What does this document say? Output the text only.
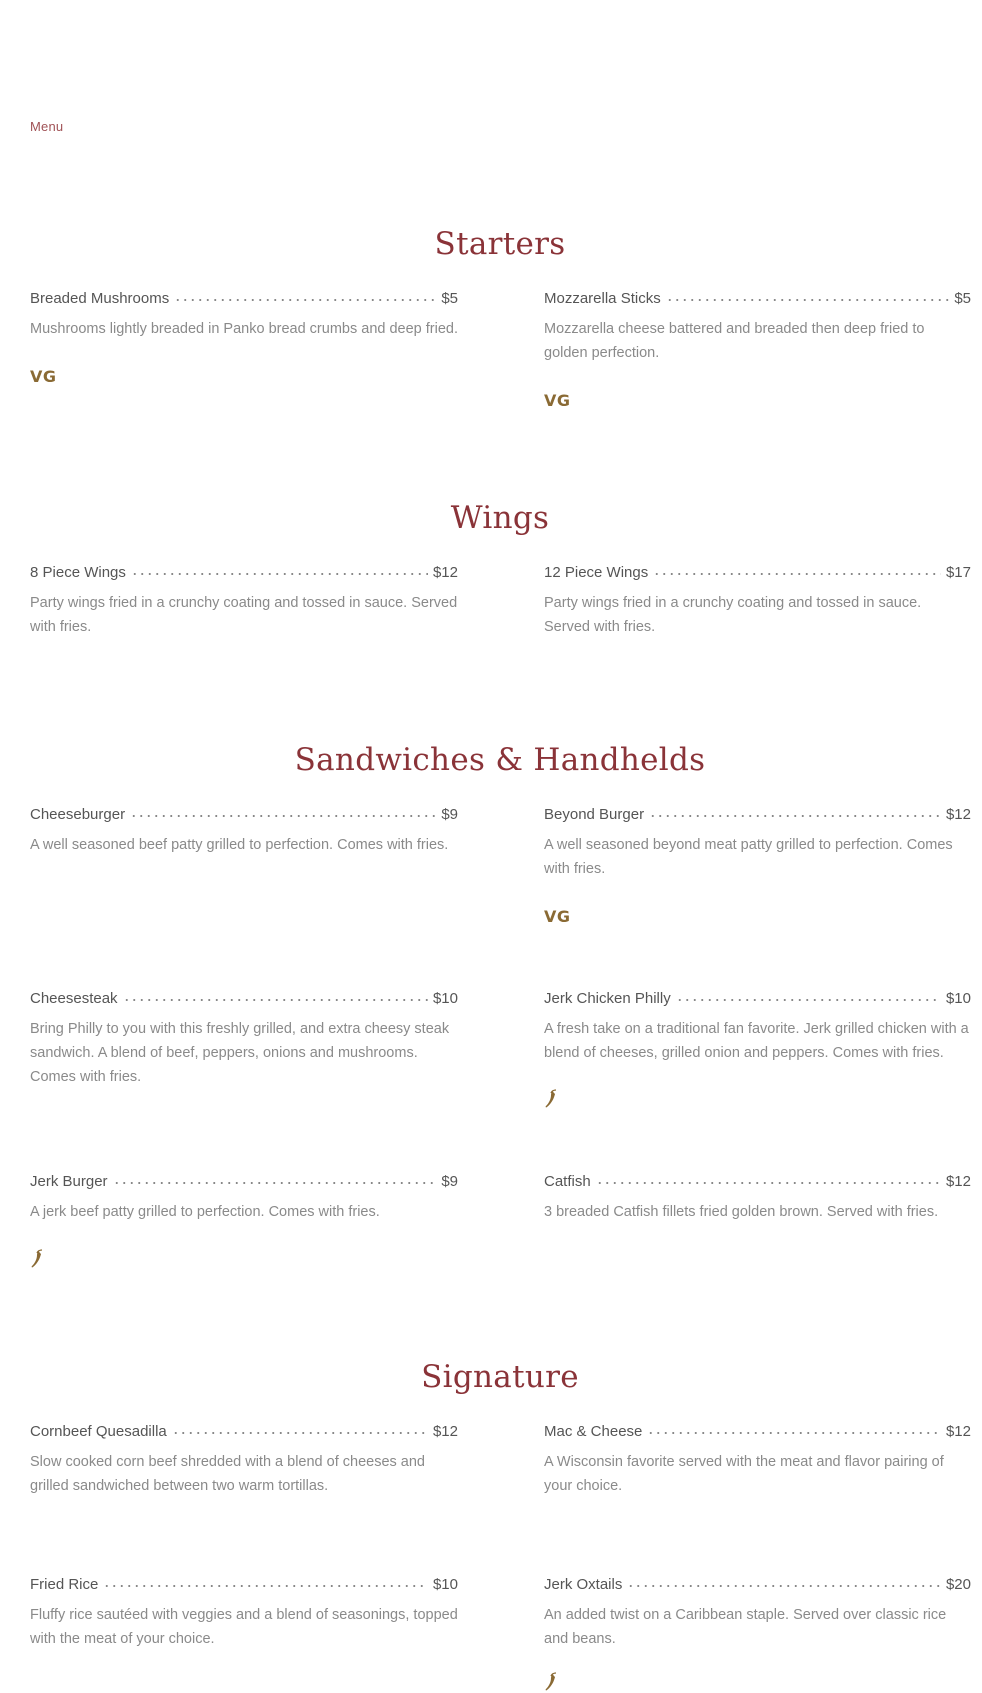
Menu
Starters
Breaded Mushrooms	$5
Mushrooms lightly breaded in Panko bread crumbs and deep fried.
VG
Mozzarella Sticks	$5
Mozzarella cheese battered and breaded then deep fried to golden perfection.
VG
Wings
8 Piece Wings	$12
Party wings fried in a crunchy coating and tossed in sauce. Served with fries.
12 Piece Wings	$17
Party wings fried in a crunchy coating and tossed in sauce. Served with fries.
Sandwiches & Handhelds
Cheeseburger	$9
A well seasoned beef patty grilled to perfection. Comes with fries.
Beyond Burger	$12
A well seasoned beyond meat patty grilled to perfection. Comes with fries.
VG
Cheesesteak	$10
Bring Philly to you with this freshly grilled, and extra cheesy steak sandwich. A blend of beef, peppers, onions and mushrooms. Comes with fries.
Jerk Chicken Philly	$10
A fresh take on a traditional fan favorite. Jerk grilled chicken with a blend of cheeses, grilled onion and peppers. Comes with fries.
Jerk Burger	$9
A jerk beef patty grilled to perfection. Comes with fries.
Catfish	$12
3 breaded Catfish fillets fried golden brown. Served with fries.
Signature
Cornbeef Quesadilla	$12
Slow cooked corn beef shredded with a blend of cheeses and grilled sandwiched between two warm tortillas.
Mac & Cheese	$12
A Wisconsin favorite served with the meat and flavor pairing of your choice.
Fried Rice	$10
Fluffy rice sautéed with veggies and a blend of seasonings, topped with the meat of your choice.
Jerk Oxtails	$20
An added twist on a Caribbean staple. Served over classic rice and beans.
